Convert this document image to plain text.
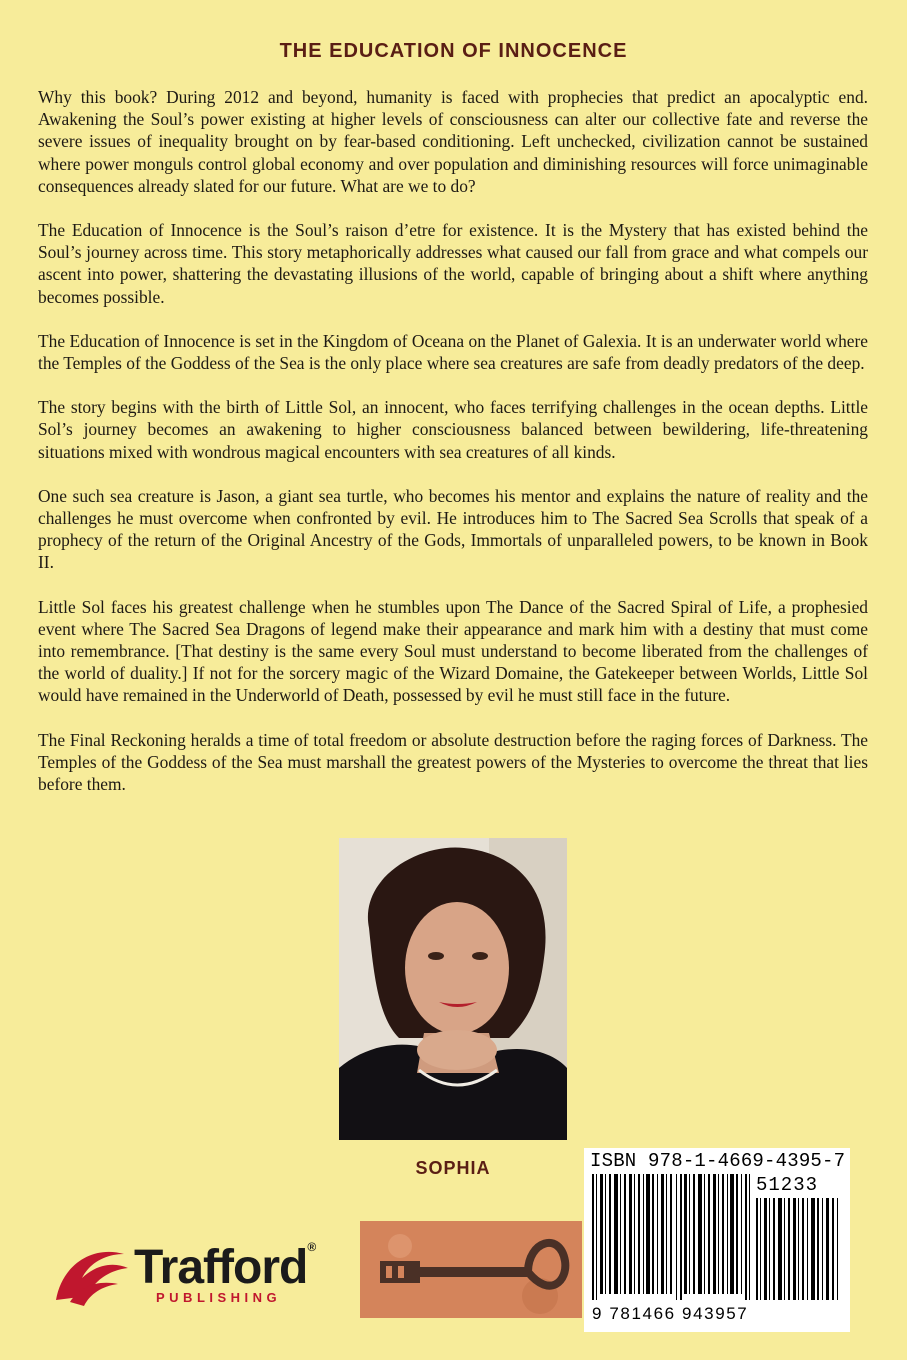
THE EDUCATION OF INNOCENCE

Why this book? During 2012 and beyond, humanity is faced with prophecies that predict an apocalyptic end. Awakening the Soul’s power existing at higher levels of consciousness can alter our collective fate and reverse the severe issues of inequality brought on by fear-based conditioning. Left unchecked, civilization cannot be sustained where power monguls control global economy and over population and diminishing resources will force unimaginable consequences already slated for our future. What are we to do?

The Education of Innocence is the Soul’s raison d’etre for existence. It is the Mystery that has existed behind the Soul’s journey across time. This story metaphorically addresses what caused our fall from grace and what compels our ascent into power, shattering the devastating illusions of the world, capable of bringing about a shift where anything becomes possible.

The Education of Innocence is set in the Kingdom of Oceana on the Planet of Galexia. It is an underwater world where the Temples of the Goddess of the Sea is the only place where sea creatures are safe from deadly predators of the deep.

The story begins with the birth of Little Sol, an innocent, who faces terrifying challenges in the ocean depths. Little Sol’s journey becomes an awakening to higher consciousness balanced between bewildering, life-threatening situations mixed with wondrous magical encounters with sea creatures of all kinds.

One such sea creature is Jason, a giant sea turtle, who becomes his mentor and explains the nature of reality and the challenges he must overcome when confronted by evil. He introduces him to The Sacred Sea Scrolls that speak of a prophecy of the return of the Original Ancestry of the Gods, Immortals of unparalleled powers, to be known in Book II.

Little Sol faces his greatest challenge when he stumbles upon The Dance of the Sacred Spiral of Life, a prophesied event where The Sacred Sea Dragons of legend make their appearance and mark him with a destiny that must come into remembrance. [That destiny is the same every Soul must understand to become liberated from the challenges of the world of duality.] If not for the sorcery magic of the Wizard Domaine, the Gatekeeper between Worlds, Little Sol would have remained in the Underworld of Death, possessed by evil he must still face in the future.

The Final Reckoning heralds a time of total freedom or absolute destruction before the raging forces of Darkness. The Temples of the Goddess of the Sea must marshall the greatest powers of the Mysteries to overcome the threat that lies before them.

SOPHIA
Trafford®
PUBLISHING
ISBN 978-1-4669-4395-7
51233
9 781466 943957
